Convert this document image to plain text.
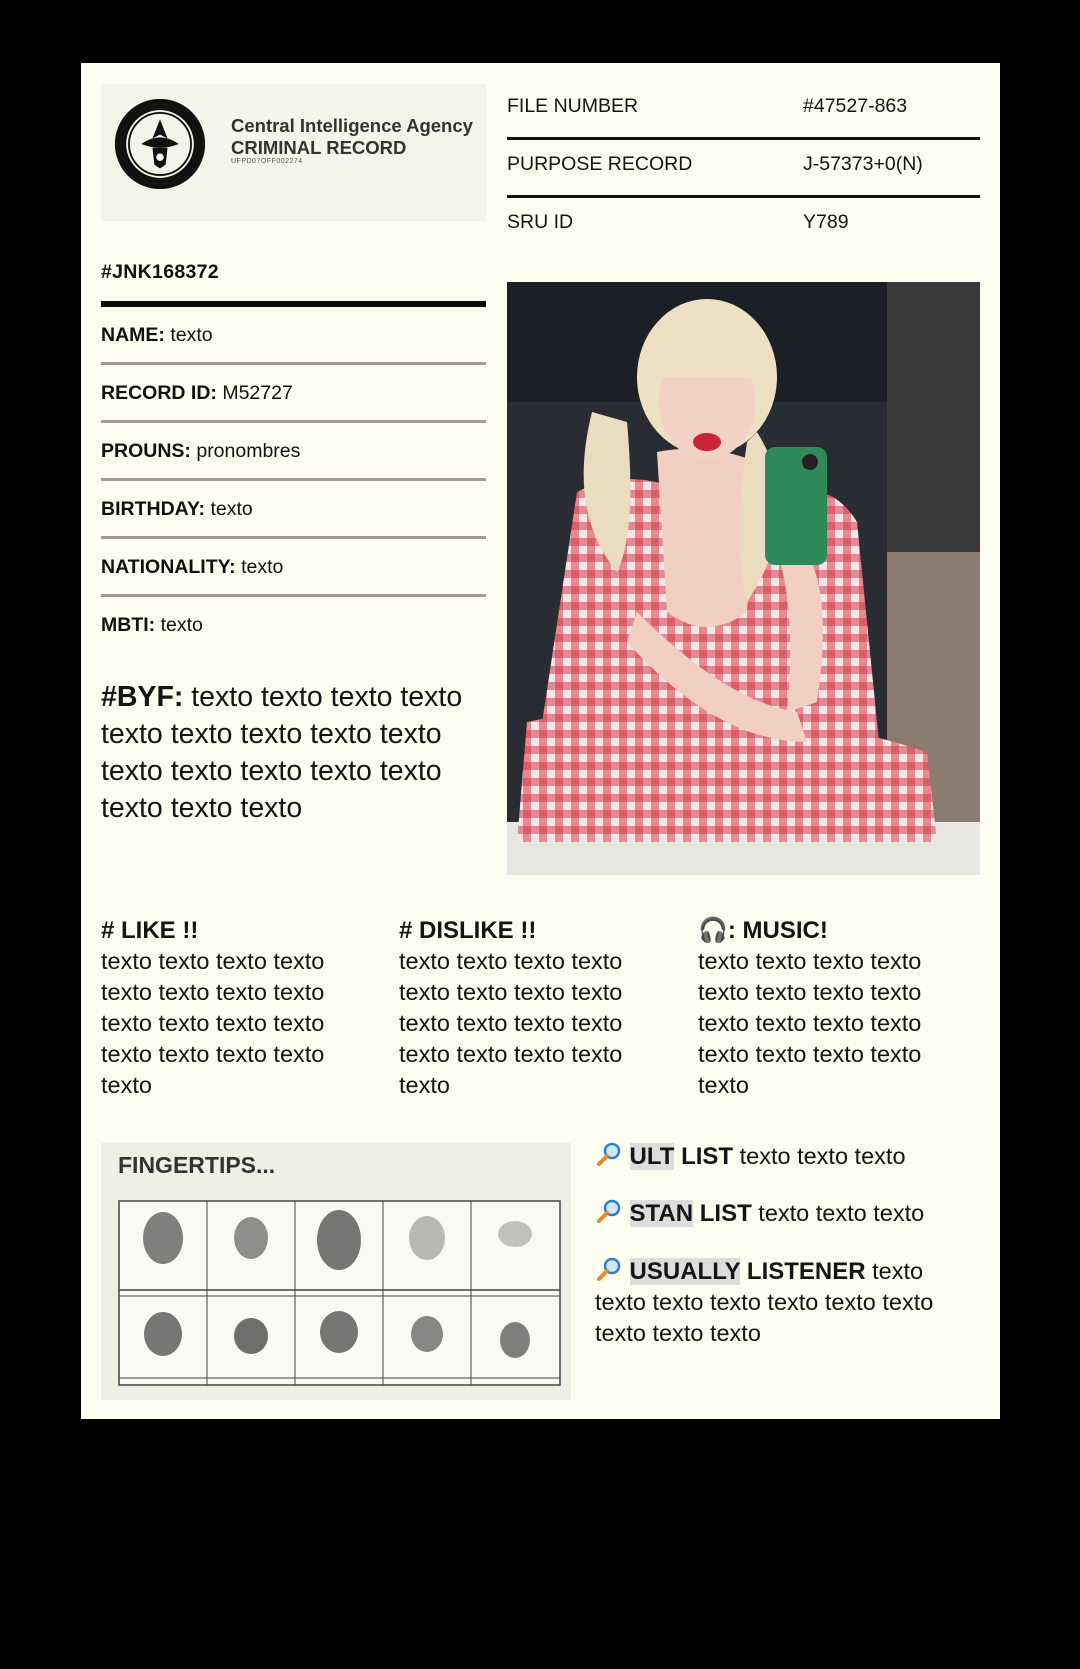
Central Intelligence Agency
CRIMINAL RECORD
UFPD07OFF002274
FILE NUMBER	#47527-863
PURPOSE RECORD	J-57373+0(N)
SRU ID	Y789
#JNK168372
NAME: texto
RECORD ID: M52727
PROUNS: pronombres
BIRTHDAY: texto
NATIONALITY: texto
MBTI: texto
#BYF: texto texto texto texto texto texto texto texto texto texto texto texto texto texto texto texto texto
# LIKE !!
texto texto texto texto texto texto texto texto texto texto texto texto texto texto texto texto texto
# DISLIKE !!
texto texto texto texto texto texto texto texto texto texto texto texto texto texto texto texto texto
🎧: MUSIC!
texto texto texto texto texto texto texto texto texto texto texto texto texto texto texto texto texto
FINGERTIPS...	ULT LIST texto texto texto
STAN LIST texto texto texto
USUALLY LISTENER texto texto texto texto texto texto texto texto texto texto
